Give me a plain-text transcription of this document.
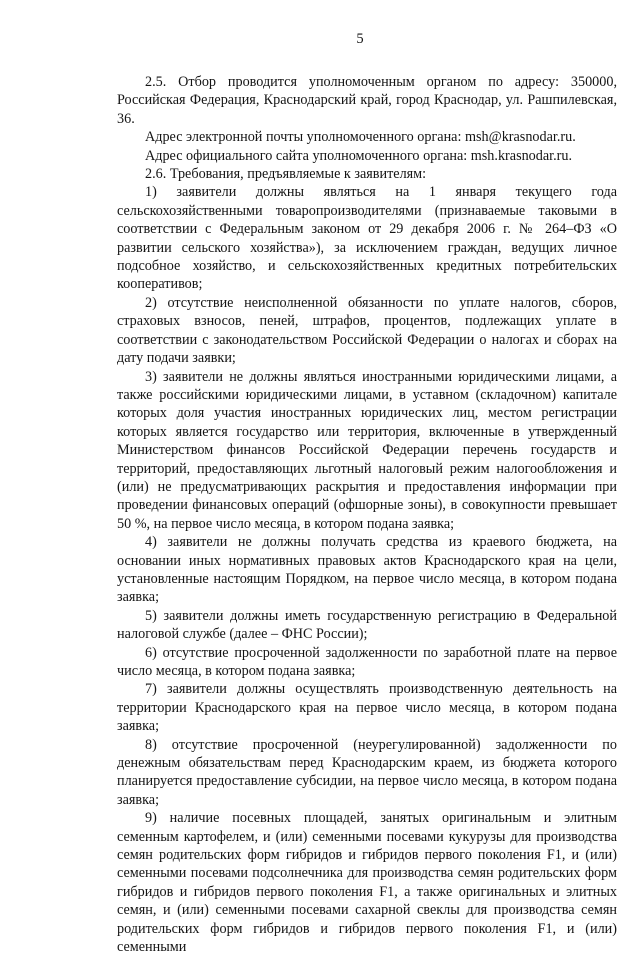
5

2.5. Отбор проводится уполномоченным органом по адресу: 350000, Российская Федерация, Краснодарский край, город Краснодар, ул. Рашпилевская, 36.

Адрес электронной почты уполномоченного органа: msh@krasnodar.ru.

Адрес официального сайта уполномоченного органа: msh.krasnodar.ru.

2.6. Требования, предъявляемые к заявителям:

1) заявители должны являться на 1 января текущего года сельскохозяйственными товаропроизводителями (признаваемые таковыми в соответствии с Федеральным законом от 29 декабря 2006 г. № 264–ФЗ «О развитии сельского хозяйства»), за исключением граждан, ведущих личное подсобное хозяйство, и сельскохозяйственных кредитных потребительских кооперативов;

2) отсутствие неисполненной обязанности по уплате налогов, сборов, страховых взносов, пеней, штрафов, процентов, подлежащих уплате в соответствии с законодательством Российской Федерации о налогах и сборах на дату подачи заявки;

3) заявители не должны являться иностранными юридическими лицами, а также российскими юридическими лицами, в уставном (складочном) капитале которых доля участия иностранных юридических лиц, местом регистрации которых является государство или территория, включенные в утвержденный Министерством финансов Российской Федерации перечень государств и территорий, предоставляющих льготный налоговый режим налогообложения и (или) не предусматривающих раскрытия и предоставления информации при проведении финансовых операций (офшорные зоны), в совокупности превышает 50 %, на первое число месяца, в котором подана заявка;

4) заявители не должны получать средства из краевого бюджета, на основании иных нормативных правовых актов Краснодарского края на цели, установленные настоящим Порядком, на первое число месяца, в котором подана заявка;

5) заявители должны иметь государственную регистрацию в Федеральной налоговой службе (далее – ФНС России);

6) отсутствие просроченной задолженности по заработной плате на первое число месяца, в котором подана заявка;

7) заявители должны осуществлять производственную деятельность на территории Краснодарского края на первое число месяца, в котором подана заявка;

8) отсутствие просроченной (неурегулированной) задолженности по денежным обязательствам перед Краснодарским краем, из бюджета которого планируется предоставление субсидии, на первое число месяца, в котором подана заявка;

9) наличие посевных площадей, занятых оригинальным и элитным семенным картофелем, и (или) семенными посевами кукурузы для производства семян родительских форм гибридов и гибридов первого поколения F1, и (или) семенными посевами подсолнечника для производства семян родительских форм гибридов и гибридов первого поколения F1, а также оригинальных и элитных семян, и (или) семенными посевами сахарной свеклы для производства семян родительских форм гибридов и гибридов первого поколения F1, и (или) семенными
